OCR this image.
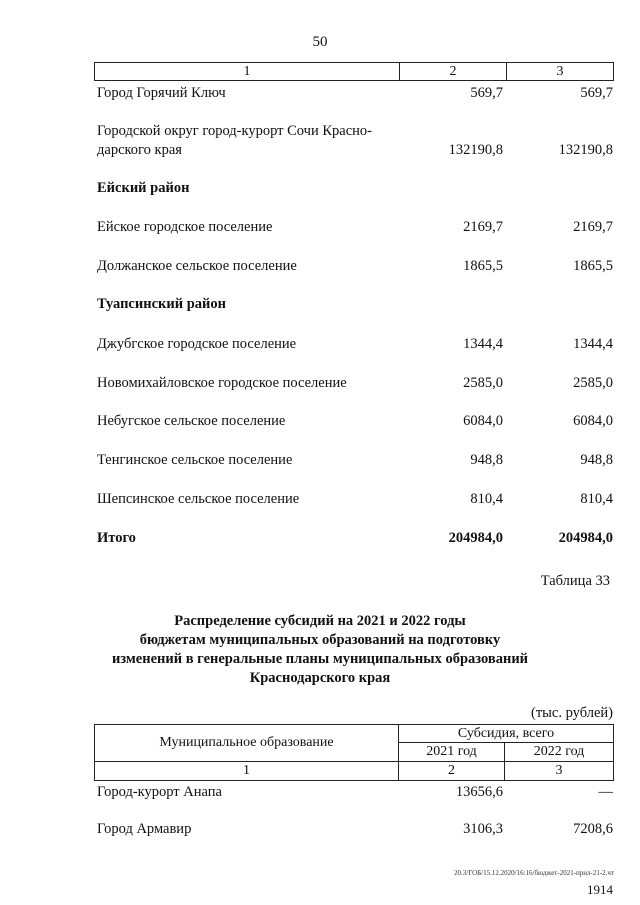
50
1	2	3
Город Горячий Ключ	569,7	569,7
Городской округ город-курорт Сочи Красно-дарского края	132190,8	132190,8
Ейский район
Ейское городское поселение	2169,7	2169,7
Должанское сельское поселение	1865,5	1865,5
Туапсинский район
Джубгское городское поселение	1344,4	1344,4
Новомихайловское городское поселение	2585,0	2585,0
Небугское сельское поселение	6084,0	6084,0
Тенгинское сельское поселение	948,8	948,8
Шепсинское сельское поселение	810,4	810,4
Итого	204984,0	204984,0
Таблица 33
Распределение субсидий на 2021 и 2022 годы
бюджетам муниципальных образований на подготовку
изменений в генеральные планы муниципальных образований
Краснодарского края
(тыс. рублей)
Муниципальное образование
Субсидия, всего
2021 год	2022 год
1	2	3
Город-курорт Анапа	13656,6	—
Город Армавир	3106,3	7208,6
20.3/ГОБ/15.12.2020/16:16/бюджет-2021-прил-21-2.чт
1914
